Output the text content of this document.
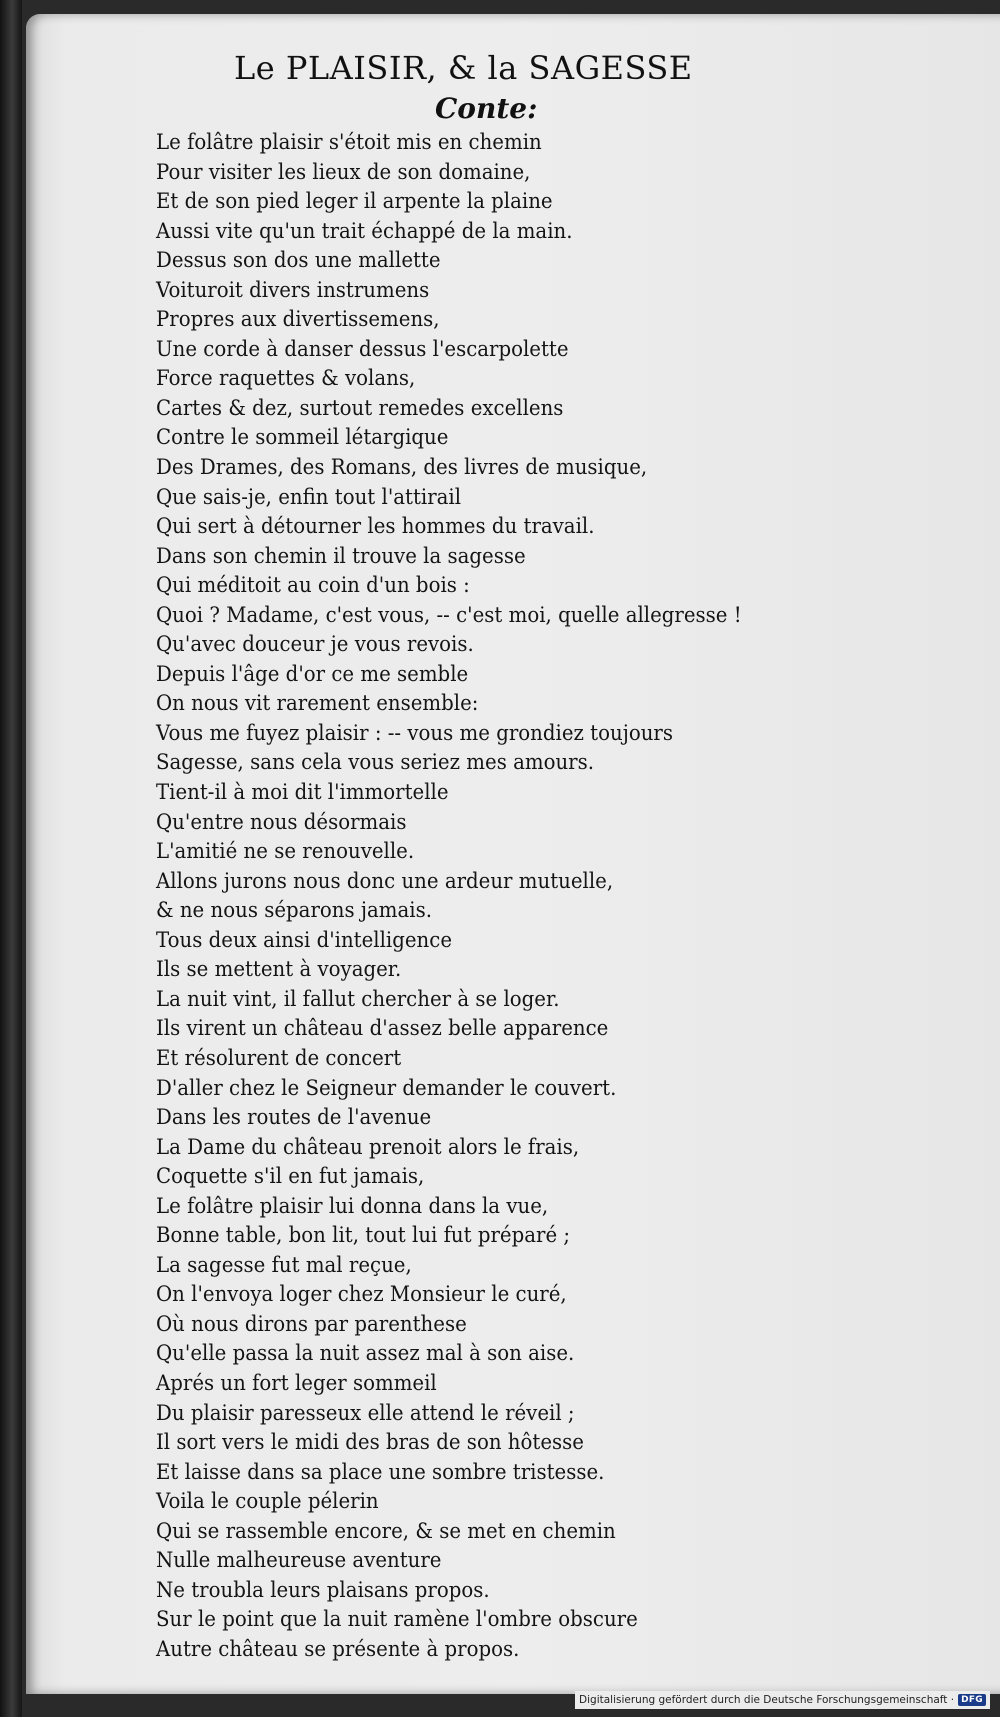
Le PLAISIR, & la SAGESSE
Conte:
Le folâtre plaisir s'étoit mis en chemin
Pour visiter les lieux de son domaine,
Et de son pied leger il arpente la plaine
Aussi vite qu'un trait échappé de la main.
Dessus son dos une mallette
Voituroit divers instrumens
Propres aux divertissemens,
Une corde à danser dessus l'escarpolette
Force raquettes & volans,
Cartes & dez, surtout remedes excellens
Contre le sommeil létargique
Des Drames, des Romans, des livres de musique,
Que sais-je, enfin tout l'attirail
Qui sert à détourner les hommes du travail.
Dans son chemin il trouve la sagesse
Qui méditoit au coin d'un bois :
Quoi ? Madame, c'est vous, -- c'est moi, quelle allegresse !
Qu'avec douceur je vous revois.
Depuis l'âge d'or ce me semble
On nous vit rarement ensemble:
Vous me fuyez plaisir : -- vous me grondiez toujours
Sagesse, sans cela vous seriez mes amours.
Tient-il à moi dit l'immortelle
Qu'entre nous désormais
L'amitié ne se renouvelle.
Allons jurons nous donc une ardeur mutuelle,
& ne nous séparons jamais.
Tous deux ainsi d'intelligence
Ils se mettent à voyager.
La nuit vint, il fallut chercher à se loger.
Ils virent un château d'assez belle apparence
Et résolurent de concert
D'aller chez le Seigneur demander le couvert.
Dans les routes de l'avenue
La Dame du château prenoit alors le frais,
Coquette s'il en fut jamais,
Le folâtre plaisir lui donna dans la vue,
Bonne table, bon lit, tout lui fut préparé ;
La sagesse fut mal reçue,
On l'envoya loger chez Monsieur le curé,
Où nous dirons par parenthese
Qu'elle passa la nuit assez mal à son aise.
Aprés un fort leger sommeil
Du plaisir paresseux elle attend le réveil ;
Il sort vers le midi des bras de son hôtesse
Et laisse dans sa place une sombre tristesse.
Voila le couple pélerin
Qui se rassemble encore, & se met en chemin
Nulle malheureuse aventure
Ne troubla leurs plaisans propos.
Sur le point que la nuit ramène l'ombre obscure
Autre château se présente à propos.
Digitalisierung gefördert durch die Deutsche Forschungsgemeinschaft · DFG
